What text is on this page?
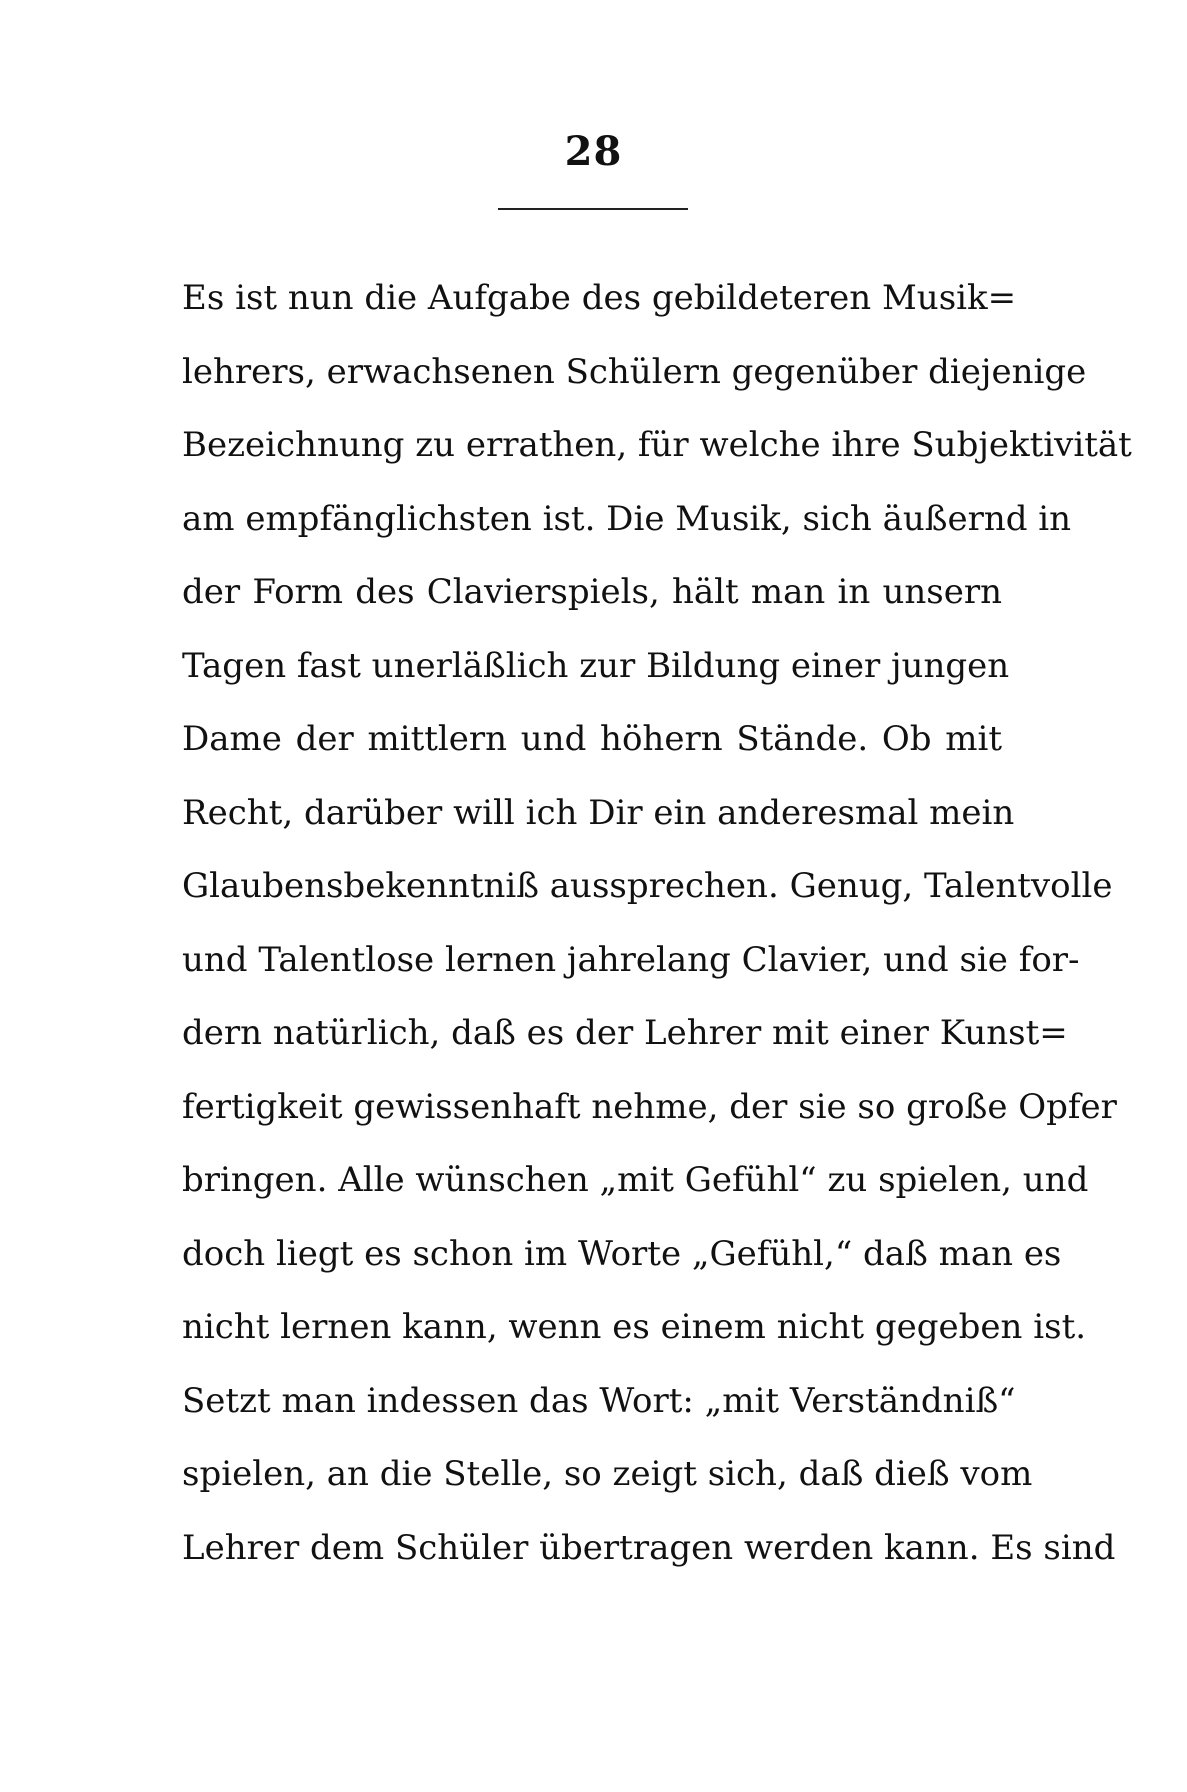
28
Es ist nun die Aufgabe des gebildeteren Musik=
lehrers, erwachsenen Schülern gegenüber diejenige
Bezeichnung zu errathen, für welche ihre Subjektivität
am empfänglichsten ist. Die Musik, sich äußernd in
der Form des Clavierspiels, hält man in unsern
Tagen fast unerläßlich zur Bildung einer jungen
Dame der mittlern und höhern Stände. Ob mit
Recht, darüber will ich Dir ein anderesmal mein
Glaubensbekenntniß aussprechen. Genug, Talentvolle
und Talentlose lernen jahrelang Clavier, und sie for-
dern natürlich, daß es der Lehrer mit einer Kunst=
fertigkeit gewissenhaft nehme, der sie so große Opfer
bringen. Alle wünschen „mit Gefühl“ zu spielen, und
doch liegt es schon im Worte „Gefühl,“ daß man es
nicht lernen kann, wenn es einem nicht gegeben ist.
Setzt man indessen das Wort: „mit Verständniß“
spielen, an die Stelle, so zeigt sich, daß dieß vom
Lehrer dem Schüler übertragen werden kann. Es sind
